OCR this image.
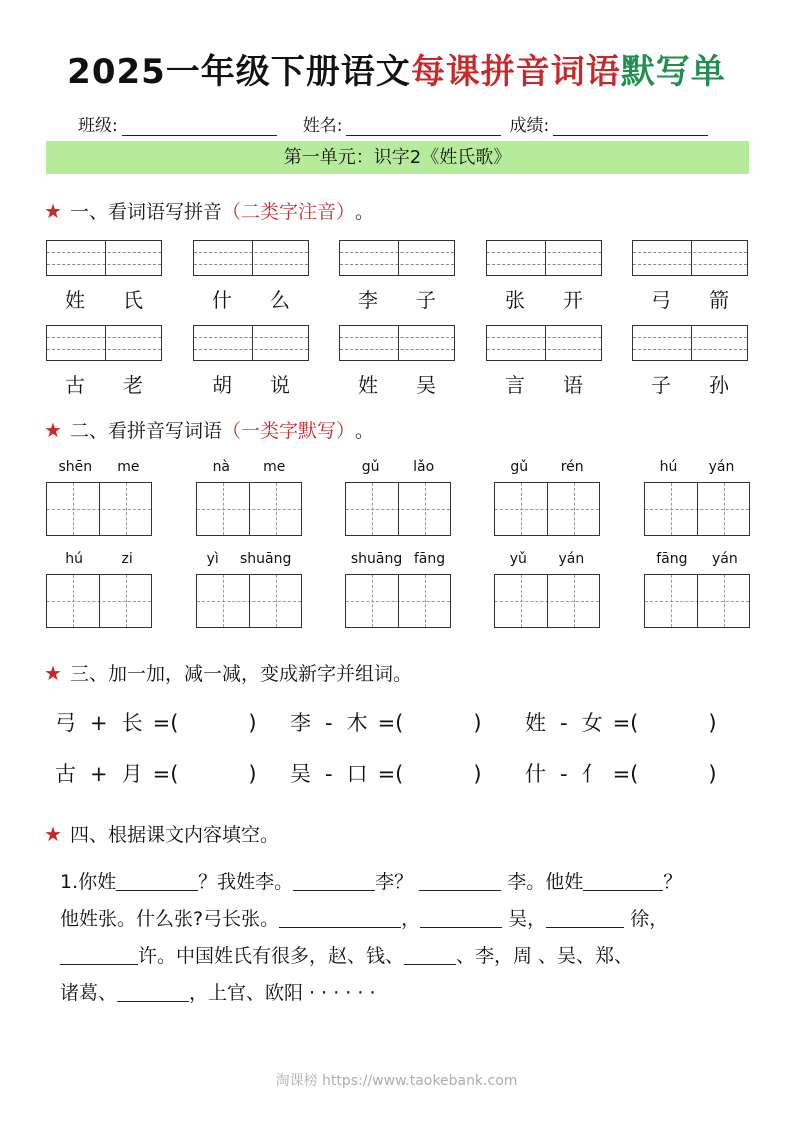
2025一年级下册语文每课拼音词语默写单
班级:	姓名:	成绩:
第一单元：识字2《姓氏歌》
★ 一、看词语写拼音 （二类字注音） 。
姓 氏	什 么	李 子	张 开	弓 箭
古 老	胡 说	姓 吴	言 语	子 孙
★ 二、看拼音写词语 （一类字默写） 。
shēn me	nà me	gǔ lǎo	gǔ rén	hú yán
hú	zi	yì shuāng	shuāng fāng	yǔ yán	fāng yán
★ 三、加一加，减一减，变成新字并组词。
弓 + 长 =(	) 李 - 木 =(	) 姓 - 女 =(	)
古 + 月 =(	) 吴 - 口 =(	) 什 - 亻 =(	)
★ 四、根据课文内容填空。
1.你姓	？我姓李。	李？	李。他姓	？
他姓张。什么张?弓长张。	，	吴，	徐，
许。中国姓氏有很多，赵、钱、	、李，周 、吴、郑、
诸葛、	，上官、欧阳 · · · · · ·
淘课榜 https://www.taokebank.com
